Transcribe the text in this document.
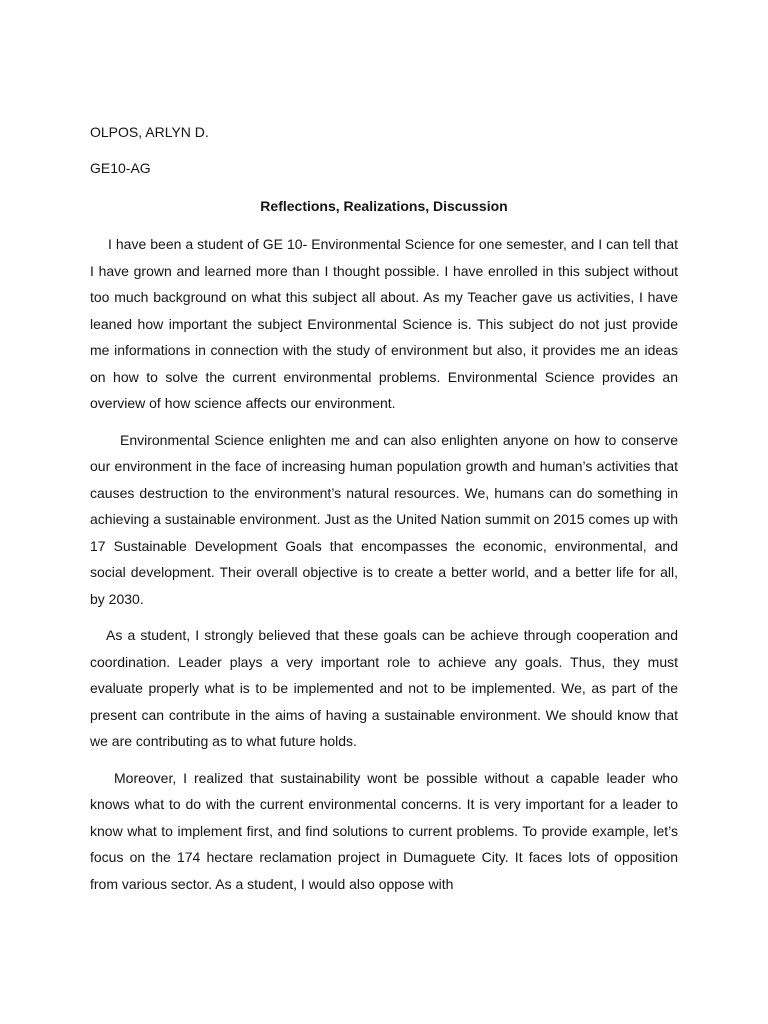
OLPOS, ARLYN D.

GE10-AG

Reflections, Realizations, Discussion

I have been a student of GE 10- Environmental Science for one semester, and I can tell that I have grown and learned more than I thought possible. I have enrolled in this subject without too much background on what this subject all about. As my Teacher gave us activities, I have leaned how important the subject Environmental Science is. This subject do not just provide me informations in connection with the study of environment but also, it provides me an ideas on how to solve the current environmental problems. Environmental Science provides an overview of how science affects our environment.

Environmental Science enlighten me and can also enlighten anyone on how to conserve our environment in the face of increasing human population growth and human’s activities that causes destruction to the environment’s natural resources. We, humans can do something in achieving a sustainable environment. Just as the United Nation summit on 2015 comes up with 17 Sustainable Development Goals that encompasses the economic, environmental, and social development. Their overall objective is to create a better world, and a better life for all, by 2030.

As a student, I strongly believed that these goals can be achieve through cooperation and coordination. Leader plays a very important role to achieve any goals. Thus, they must evaluate properly what is to be implemented and not to be implemented. We, as part of the present can contribute in the aims of having a sustainable environment. We should know that we are contributing as to what future holds.

Moreover, I realized that sustainability wont be possible without a capable leader who knows what to do with the current environmental concerns. It is very important for a leader to know what to implement first, and find solutions to current problems. To provide example, let’s focus on the 174 hectare reclamation project in Dumaguete City. It faces lots of opposition from various sector. As a student, I would also oppose with
